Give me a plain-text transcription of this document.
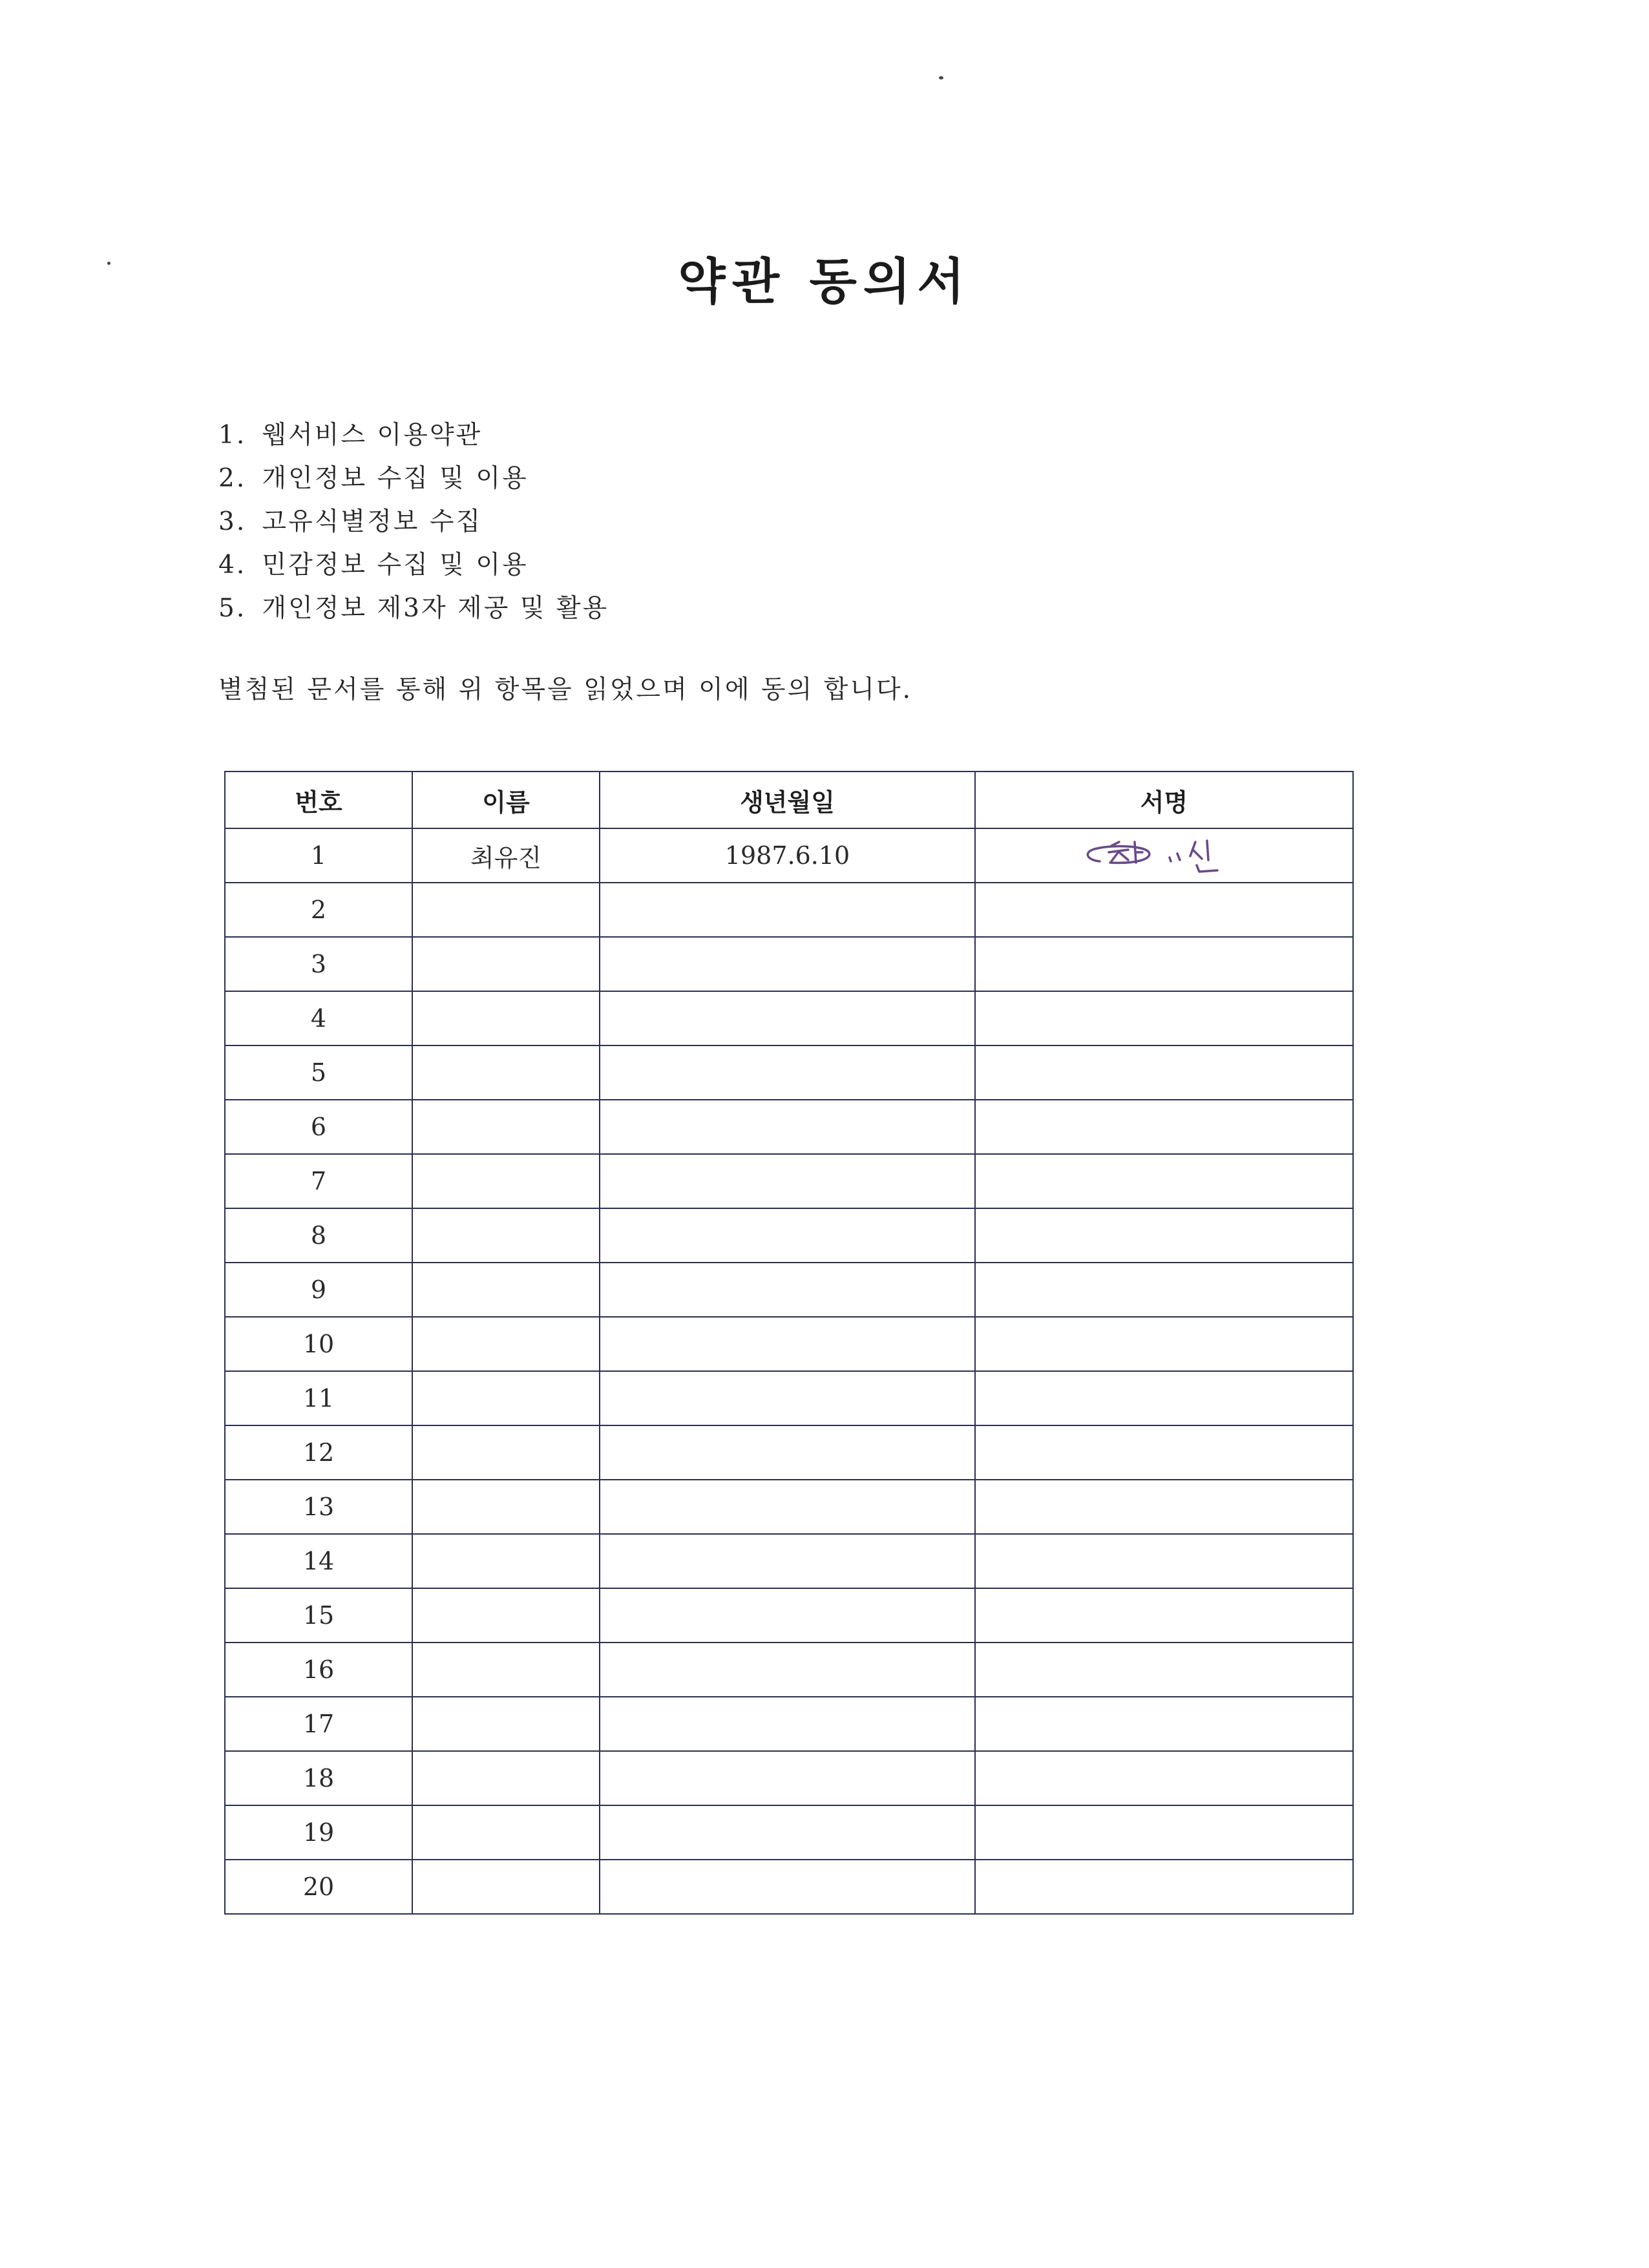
약관 동의서
1. 웹서비스 이용약관
2. 개인정보 수집 및 이용
3. 고유식별정보 수집
4. 민감정보 수집 및 이용
5. 개인정보 제3자 제공 및 활용
별첨된 문서를 통해 위 항목을 읽었으며 이에 동의 합니다.
번호	이름	생년월일	서명
1	최유진	1987.6.10	
2			
3			
4			
5			
6			
7			
8			
9			
10			
11			
12			
13			
14			
15			
16			
17			
18			
19			
20			
